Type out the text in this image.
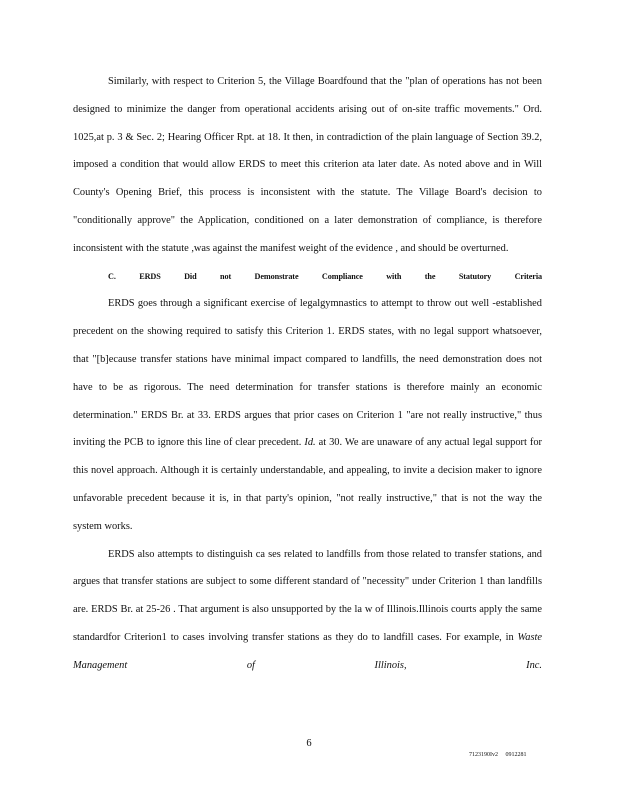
Similarly, with respect to Criterion 5, the Village Boardfound that the "plan of operations has not been designed to minimize the danger from operational accidents arising out of on-site traffic movements." Ord. 1025,at p. 3 & Sec. 2; Hearing Officer Rpt. at 18. It then, in contradiction of the plain language of Section 39.2, imposed a condition that would allow ERDS to meet this criterion ata later date. As noted above and in Will County's Opening Brief, this process is inconsistent with the statute. The Village Board's decision to "conditionally approve" the Application, conditioned on a later demonstration of compliance, is therefore inconsistent with the statute ,was against the manifest weight of the evidence , and should be overturned.

C. ERDS Did not Demonstrate Compliance with the Statutory Criteria

ERDS goes through a significant exercise of legalgymnastics to attempt to throw out well -established precedent on the showing required to satisfy this Criterion 1. ERDS states, with no legal support whatsoever, that "[b]ecause transfer stations have minimal impact compared to landfills, the need demonstration does not have to be as rigorous. The need determination for transfer stations is therefore mainly an economic determination." ERDS Br. at 33. ERDS argues that prior cases on Criterion 1 "are not really instructive," thus inviting the PCB to ignore this line of clear precedent. Id. at 30. We are unaware of any actual legal support for this novel approach. Although it is certainly understandable, and appealing, to invite a decision maker to ignore unfavorable precedent because it is, in that party's opinion, "not really instructive," that is not the way the system works.

ERDS also attempts to distinguish ca ses related to landfills from those related to transfer stations, and argues that transfer stations are subject to some different standard of "necessity" under Criterion 1 than landfills are. ERDS Br. at 25-26 . That argument is also unsupported by the la w of Illinois.Illinois courts apply the same standardfor Criterion1 to cases involving transfer stations as they do to landfill cases. For example, in Waste Management of Illinois, Inc.

6
7123190Iv2 0912281
